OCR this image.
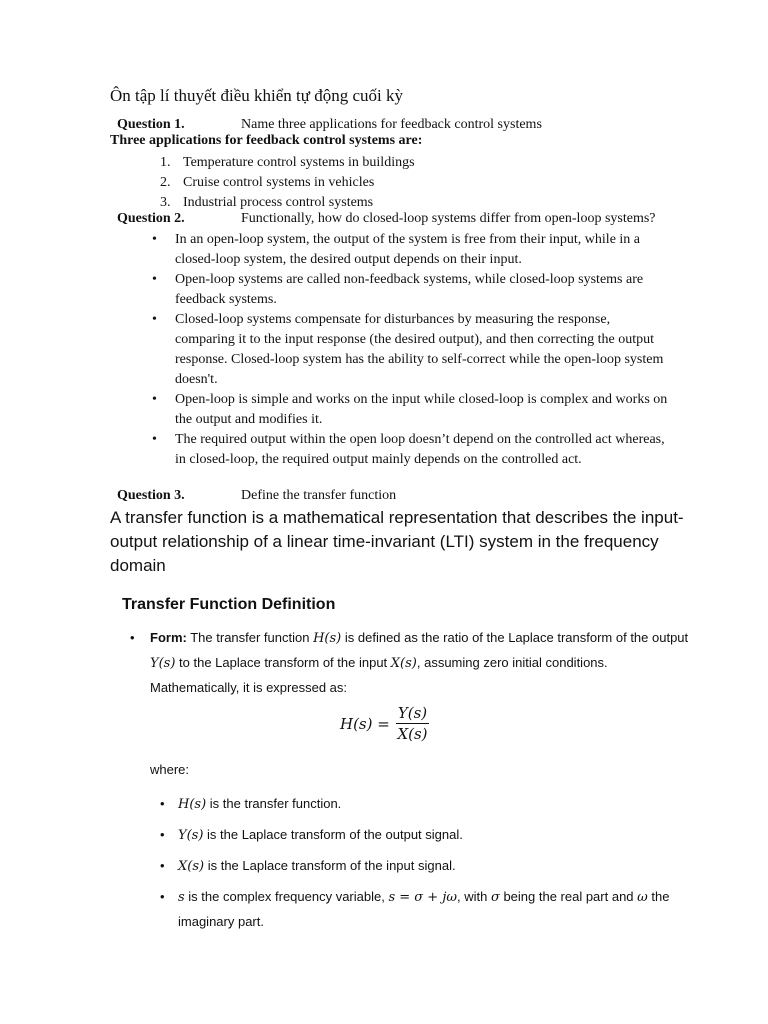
Ôn tập lí thuyết điều khiển tự động cuối kỳ
Question 1.	Name three applications for feedback control systems
Three applications for feedback control systems are:
1. Temperature control systems in buildings
2. Cruise control systems in vehicles
3. Industrial process control systems
Question 2.	Functionally, how do closed-loop systems differ from open-loop systems?
• In an open-loop system, the output of the system is free from their input, while in a closed-loop system, the desired output depends on their input.
• Open-loop systems are called non-feedback systems, while closed-loop systems are feedback systems.
• Closed-loop systems compensate for disturbances by measuring the response, comparing it to the input response (the desired output), and then correcting the output response. Closed-loop system has the ability to self-correct while the open-loop system doesn't.
• Open-loop is simple and works on the input while closed-loop is complex and works on the output and modifies it.
• The required output within the open loop doesn’t depend on the controlled act whereas, in closed-loop, the required output mainly depends on the controlled act.
Question 3.	Define the transfer function
A transfer function is a mathematical representation that describes the input-output relationship of a linear time-invariant (LTI) system in the frequency domain
Transfer Function Definition
• Form: The transfer function H(s) is defined as the ratio of the Laplace transform of the output Y(s) to the Laplace transform of the input X(s), assuming zero initial conditions. Mathematically, it is expressed as:
$H(s) = \frac{Y(s)}{X(s)}$
where:
• H(s) is the transfer function.
• Y(s) is the Laplace transform of the output signal.
• X(s) is the Laplace transform of the input signal.
• s is the complex frequency variable, s = σ + jω, with σ being the real part and ω the imaginary part.
